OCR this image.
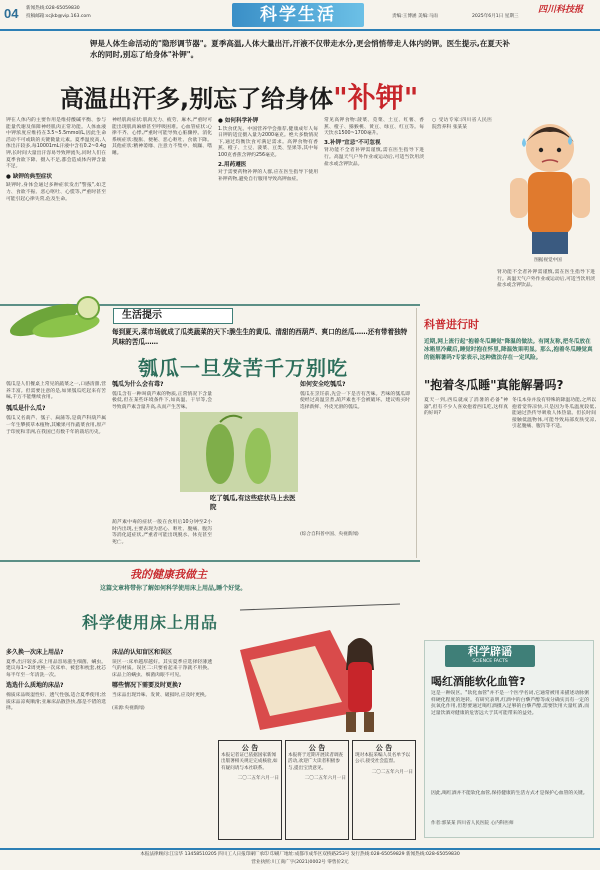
04 新闻热线:028-65059830
投稿邮箱:scjkb@vip.163.com	科学生活	责编:王博涵 美编:马雨	2025年6月1日 星期三
四川科技报
钾是人体生命活动的"隐形调节器"。夏季高温,人体大量出汗,汗液不仅带走水分,更会悄悄带走人体内的钾。医生提示,在夏天补水的同时,别忘了给身体"补钾"。
高温出汗多,别忘了给身体"补钾"
钾在人体内的主要作用是维持酸碱平衡、参与能量代谢及保障神经肌肉正常功能。人体血液中钾浓度应维持在3.5~5.5mmol/L,因此生命活动不可或缺的关键微量元素。夏季温度高,人体出汗较多,每10001mL汗液中含有0.2~0.4g钾,长时间大量出汗容易导致钾流失,同时人们在夏季食欲下降、摄入不足,都会造成体内钾含量不足。
● 缺钾的典型症状
缺钾时,身体会通过多种症状发出"警报",如乏力、食欲不振、恶心呕吐、心慌等,严重时甚至可能引起心律失常,危及生命。
神经肌肉症状:肌肉无力、疲劳、麻木,严重时可能出现肌肉麻痹甚至呼吸困难。心血管症状:心律不齐、心悸,严重时可能导致心脏骤停。消化系统症状:腹胀、便秘、恶心呕吐、食欲下降。其他症状:精神萎靡、注意力不集中、烦躁、嗜睡。
● 如何科学补钾
1.饮食优先。中国营养学会推荐,健康成年人每日钾的适宜摄入量为2000毫克。绝大多数情况下,通过均衡饮食可满足需求。高钾食物有香蕉、橙子、土豆、菠菜、豆类、坚果等,其中每100克香蕉含钾约256毫克。
2.用药遵医
对于需要药物补钾的人群,应在医生指导下使用补钾药物,避免自行服用导致高钾血症。
常见高钾食物:菠菜、苋菜、土豆、红薯、香蕉、橙子、猕猴桃、黄豆、绿豆、红豆等。每天饮水1500~1700毫升。
3.补钾"宜忌"不可忽视
肾功能不全者补钾需谨慎,需在医生指导下进行。高温天气户外作业或运动后,可适当饮用淡盐水或含钾饮品。
○ 受访专家:四川省人民医院营养科 张某某
图据视觉中国
肾功能不全者补钾需谨慎,需在医生指导下进行。高温天气户外作业或运动后,可适当饮用淡盐水或含钾饮品。
生活提示
每到夏天,菜市场就成了瓜类蔬菜的天下:脆生生的黄瓜、清甜的西葫芦、爽口的丝瓜……还有带着独特风味的苦瓜……
瓠瓜一旦发苦千万别吃
瓠瓜是人们餐桌上常见的蔬菜之一,口感清甜,营养丰富。但需要注意的是,如果瓠瓜吃起来有苦味,千万不能继续食用。
瓠瓜是什么瓜?
瓠瓜又名葫芦、瓠子、扁蒲等,是葫芦科葫芦属一年生攀援草本植物,其嫩果可作蔬菜食用,原产于印度和非洲,在我国已有数千年的栽培历史。
瓠瓜为什么会有毒?
瓠瓜含有一种叫葫芦素的物质,正常情况下含量极低,但在某些环境条件下,如高温、干旱等,会导致葫芦素含量升高,从而产生苦味。
吃了瓠瓜,有这些症状马上去医院
葫芦素中毒的症状一般在食用后10分钟至2小时内出现,主要表现为恶心、呕吐、腹痛、腹泻等消化道症状,严重者可能出现脱水、休克甚至死亡。
如何安全吃瓠瓜?
瓠瓜在烹饪前,先尝一下是否有苦味。苦味的瓠瓜即使经过高温烹煮,葫芦素也不会被破坏。建议购买时选择新鲜、外皮光滑的瓠瓜。
(综合自科普中国、央视新闻)
科普进行时
近期,网上流行起"抱着冬瓜睡觉"降温的做法。有网友称,把冬瓜放在冰箱里冷藏后,睡觉时抱在怀里,降温效果明显。那么,抱着冬瓜睡觉真的能解暑吗?专家表示,这种做法存在一定风险。
"抱着冬瓜睡"真能解暑吗?
夏天一到,西瓜就成了消暑的必备"神器",但有不少人喜欢抱着西瓜吃,这样真的好吗?
冬瓜本身并没有特殊的降温功能,之所以抱着觉得凉快,只是因为冬瓜温度较低,能通过热传导吸收人体热量。但长时间接触低温物体,可能导致局部皮肤受凉,引起腹痛、腹泻等不适。
我的健康我做主
这篇文章将带你了解如何科学使用床上用品,睡个好觉。
科学使用床上用品
多久换一次床上用品?
夏季,出汗较多,床上用品容易滋生细菌、螨虫。建议每1~2周更换一次床单、被套和枕套,枕芯每半年至一年清洗一次。
选选什么质地的床品?
棉质床品吸湿性好、透气性强,适合夏季使用;丝质床品凉爽顺滑;亚麻床品散热快,都是不错的选择。
床品的认知盲区和误区
误区一:床单越厚越好。其实夏季应选择轻薄透气的材质。误区二:只要看起来干净就不用换。床品上的螨虫、细菌肉眼不可见。
哪些情况下需要及时更换?
当床品出现异味、发黄、破损时,应及时更换。
(来源:央视新闻)
公 告
本报记者证已依据国家新闻出版署相关规定完成核验,如有疑问请与本社联系。
二〇二五年六月一日
公 告
本报将于近期开展读者调查活动,欢迎广大读者积极参与,提出宝贵意见。
二〇二五年六月一日
公 告
现对本报采编人员名单予以公示,接受社会监督。
二〇二五年六月一日
科学辟谣
SCIENCE FACTS
喝红酒能软化血管?
这是一种误区。"软化血管"并不是一个医学名词,它通常被用来描述动脉粥样硬化程度的逆转。有研究表明,红酒中的白藜芦醇等成分确实具有一定的抗氧化作用,但想要通过喝红酒摄入足够的白藜芦醇,需要饮用大量红酒,而过量饮酒对健康的危害远大于其可能带来的益处。
因此,喝红酒并不能软化血管,保持健康的生活方式才是保护心血管的关键。
作者:郭某某 四川省人民医院 心内科医师
本报法律顾问:江宗华 13458510205 四川工人日报印刷厂承印 印刷厂地址:成都市成华区双桥路253号 发行热线:028-65059829 新闻热线:028-65059830
营业执照:川工商广字(2021)0002号 零售价2元
